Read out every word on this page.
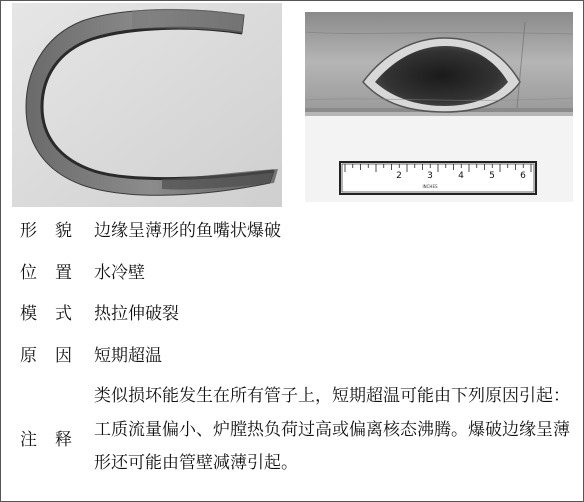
2	3	4	5	6
INCHES
形 貌 边缘呈薄形的鱼嘴状爆破
位 置 水冷壁
模 式 热拉伸破裂
原 因 短期超温
注 释
类似损坏能发生在所有管子上，短期超温可能由下列原因引起：工质流量偏小、炉膛热负荷过高或偏离核态沸腾。爆破边缘呈薄形还可能由管壁减薄引起。
